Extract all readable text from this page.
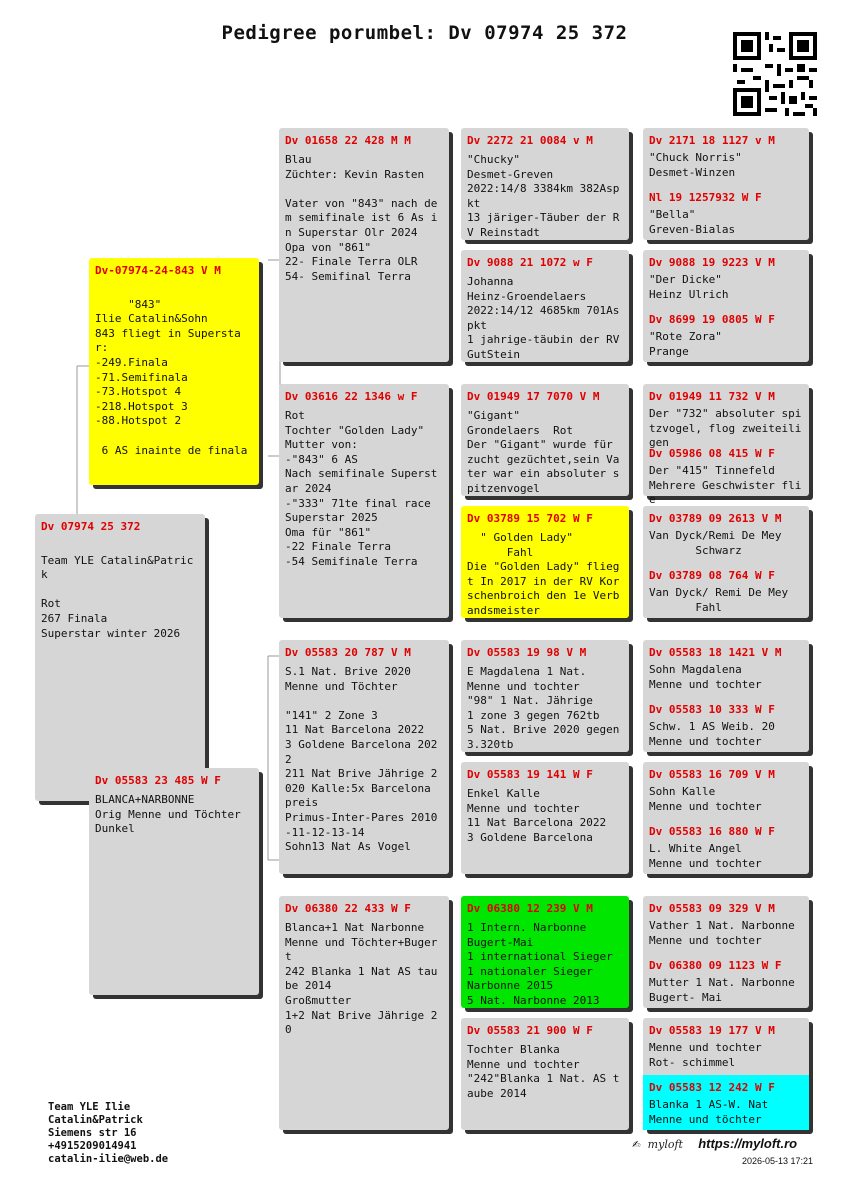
Pedigree porumbel: Dv 07974 25 372
Dv 07974 25 372

Team YLE Catalin&Patrick

Rot
267 Finala
Superstar winter 2026
Dv-07974-24-843 V M

"843"
Ilie Catalin&Sohn
843 fliegt in Superstar:
-249.Finala
-71.Semifinala
-73.Hotspot 4
-218.Hotspot 3
-88.Hotspot 2

6 AS inainte de finala
Dv 05583 23 485 W F
BLANCA+NARBONNE
Orig Menne und Töchter
Dunkel
Dv 01658 22 428 M M
Blau
Züchter: Kevin Rasten

Vater von "843" nach dem semifinale ist 6 As in Superstar Olr 2024
Opa von "861"
22- Finale Terra OLR
54- Semifinal Terra
Dv 03616 22 1346 w F
Rot
Tochter "Golden Lady"
Mutter von:
-"843" 6 AS
Nach semifinale Superstar 2024
-"333" 71te final race Superstar 2025
Oma für "861"
-22 Finale Terra
-54 Semifinale Terra
Dv 05583 20 787 V M
S.1 Nat. Brive 2020
Menne und Töchter

"141" 2 Zone 3
11 Nat Barcelona 2022
3 Goldene Barcelona 2022
211 Nat Brive Jährige 2020 Kalle:5x Barcelona preis
Primus-Inter-Pares 2010-11-12-13-14
Sohn13 Nat As Vogel
Dv 06380 22 433 W F
Blanca+1 Nat Narbonne
Menne und Töchter+Bugert
242 Blanka 1 Nat AS taube 2014
Großmutter
1+2 Nat Brive Jährige 20
Dv 2272 21 0084 v M
"Chucky"
Desmet-Greven
2022:14/8 3384km 382Aspkt
13 järiger-Täuber der RV Reinstadt
Dv 9088 21 1072 w F
Johanna
Heinz-Groendelaers
2022:14/12 4685km 701Aspkt
1 jahrige-täubin der RV GutStein
Dv 01949 17 7070 V M
"Gigant"
Grondelaers  Rot
Der "Gigant" wurde für zucht gezüchtet,sein Vater war ein absoluter spitzenvogel
Dv 03789 15 702 W F
" Golden Lady"
Fahl
Die "Golden Lady" fliegt In 2017 in der RV Korschenbroich den 1e Verbandsmeister
Dv 05583 19 98 V M
E Magdalena 1 Nat.
Menne und tochter
"98" 1 Nat. Jährige
1 zone 3 gegen 762tb
5 Nat. Brive 2020 gegen 3.320tb
Dv 05583 19 141 W F
Enkel Kalle
Menne und tochter
11 Nat Barcelona 2022
3 Goldene Barcelona
Dv 06380 12 239 V M
1 Intern. Narbonne
Bugert-Mai
1 international Sieger
1 nationaler Sieger
Narbonne 2015
5 Nat. Narbonne 2013
Dv 05583 21 900 W F
Tochter Blanka
Menne und tochter
"242"Blanka 1 Nat. AS taube 2014
Dv 2171 18 1127 v M
"Chuck Norris"
Desmet-Winzen
Nl 19 1257932 W F
"Bella"
Greven-Bialas
Dv 9088 19 9223 V M
"Der Dicke"
Heinz Ulrich
Dv 8699 19 0805 W F
"Rote Zora"
Prange
Dv 01949 11 732 V M
Der "732" absoluter spitzvogel, flog zweiteiligen
Dv 05986 08 415 W F
Der "415" Tinnefeld
Mehrere Geschwister flie
Dv 03789 09 2613 V M
Van Dyck/Remi De Mey
Schwarz
Dv 03789 08 764 W F
Van Dyck/ Remi De Mey
Fahl
Dv 05583 18 1421 V M
Sohn Magdalena
Menne und tochter
Dv 05583 10 333 W F
Schw. 1 AS Weib. 20
Menne und tochter
Dv 05583 16 709 V M
Sohn Kalle
Menne und tochter
Dv 05583 16 880 W F
L. White Angel
Menne und tochter
Dv 05583 09 329 V M
Vather 1 Nat. Narbonne
Menne und tochter
Dv 06380 09 1123 W F
Mutter 1 Nat. Narbonne
Bugert- Mai
Dv 05583 19 177 V M
Menne und tochter
Rot- schimmel
Dv 05583 12 242 W F
Blanka 1 AS-W. Nat
Menne und töchter
Team YLE Ilie
Catalin&Patrick
Siemens str 16
+4915209014941
catalin-ilie@web.de
✍ myloft https://myloft.ro
2026-05-13 17:21
